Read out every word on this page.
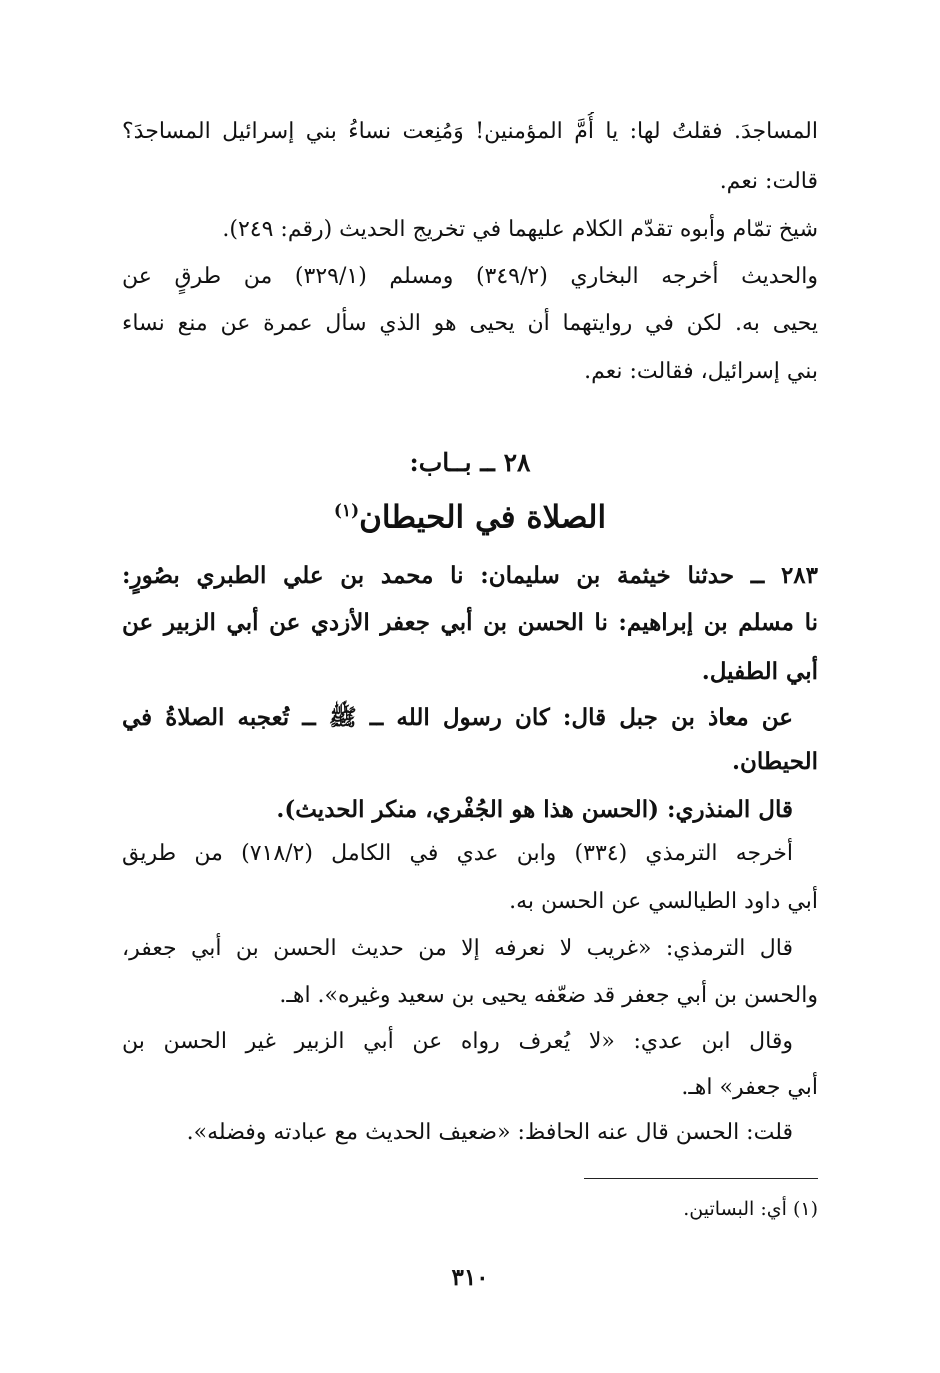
المساجدَ. فقلتُ لها: يا أُمَّ المؤمنين! وَمُنِعت نساءُ بني إسرائيل المساجدَ؟
قالت: نعم.
شيخ تمّام وأبوه تقدّم الكلام عليهما في تخريج الحديث (رقم: ٢٤٩).
والحديث أخرجه البخاري (٣٤٩/٢) ومسلم (٣٢٩/١) من طرقٍ عن
يحيى به. لكن في روايتهما أن يحيى هو الذي سأل عمرة عن منع نساء
بني إسرائيل، فقالت: نعم.
٢٨ ــ بــاب:
الصلاة في الحيطان$^{(١)}$
٢٨٣ ــ حدثنا خيثمة بن سليمان: نا محمد بن علي الطبري بصُورٍ:
نا مسلم بن إبراهيم: نا الحسن بن أبي جعفر الأزدي عن أبي الزبير عن
أبي الطفيل.
عن معاذ بن جبل قال: كان رسول الله ــ ﷺ ــ تُعجبه الصلاةُ في
الحيطان.
قال المنذري: (الحسن هذا هو الجُفْري، منكر الحديث).
أخرجه الترمذي (٣٣٤) وابن عدي في الكامل (٧١٨/٢) من طريق
أبي داود الطيالسي عن الحسن به.
قال الترمذي: «غريب لا نعرفه إلا من حديث الحسن بن أبي جعفر،
والحسن بن أبي جعفر قد ضعّفه يحيى بن سعيد وغيره». اهـ.
وقال ابن عدي: «لا يُعرف رواه عن أبي الزبير غير الحسن بن
أبي جعفر» اهـ.
قلت: الحسن قال عنه الحافظ: «ضعيف الحديث مع عبادته وفضله».
(١) أي: البساتين.
٣١٠
